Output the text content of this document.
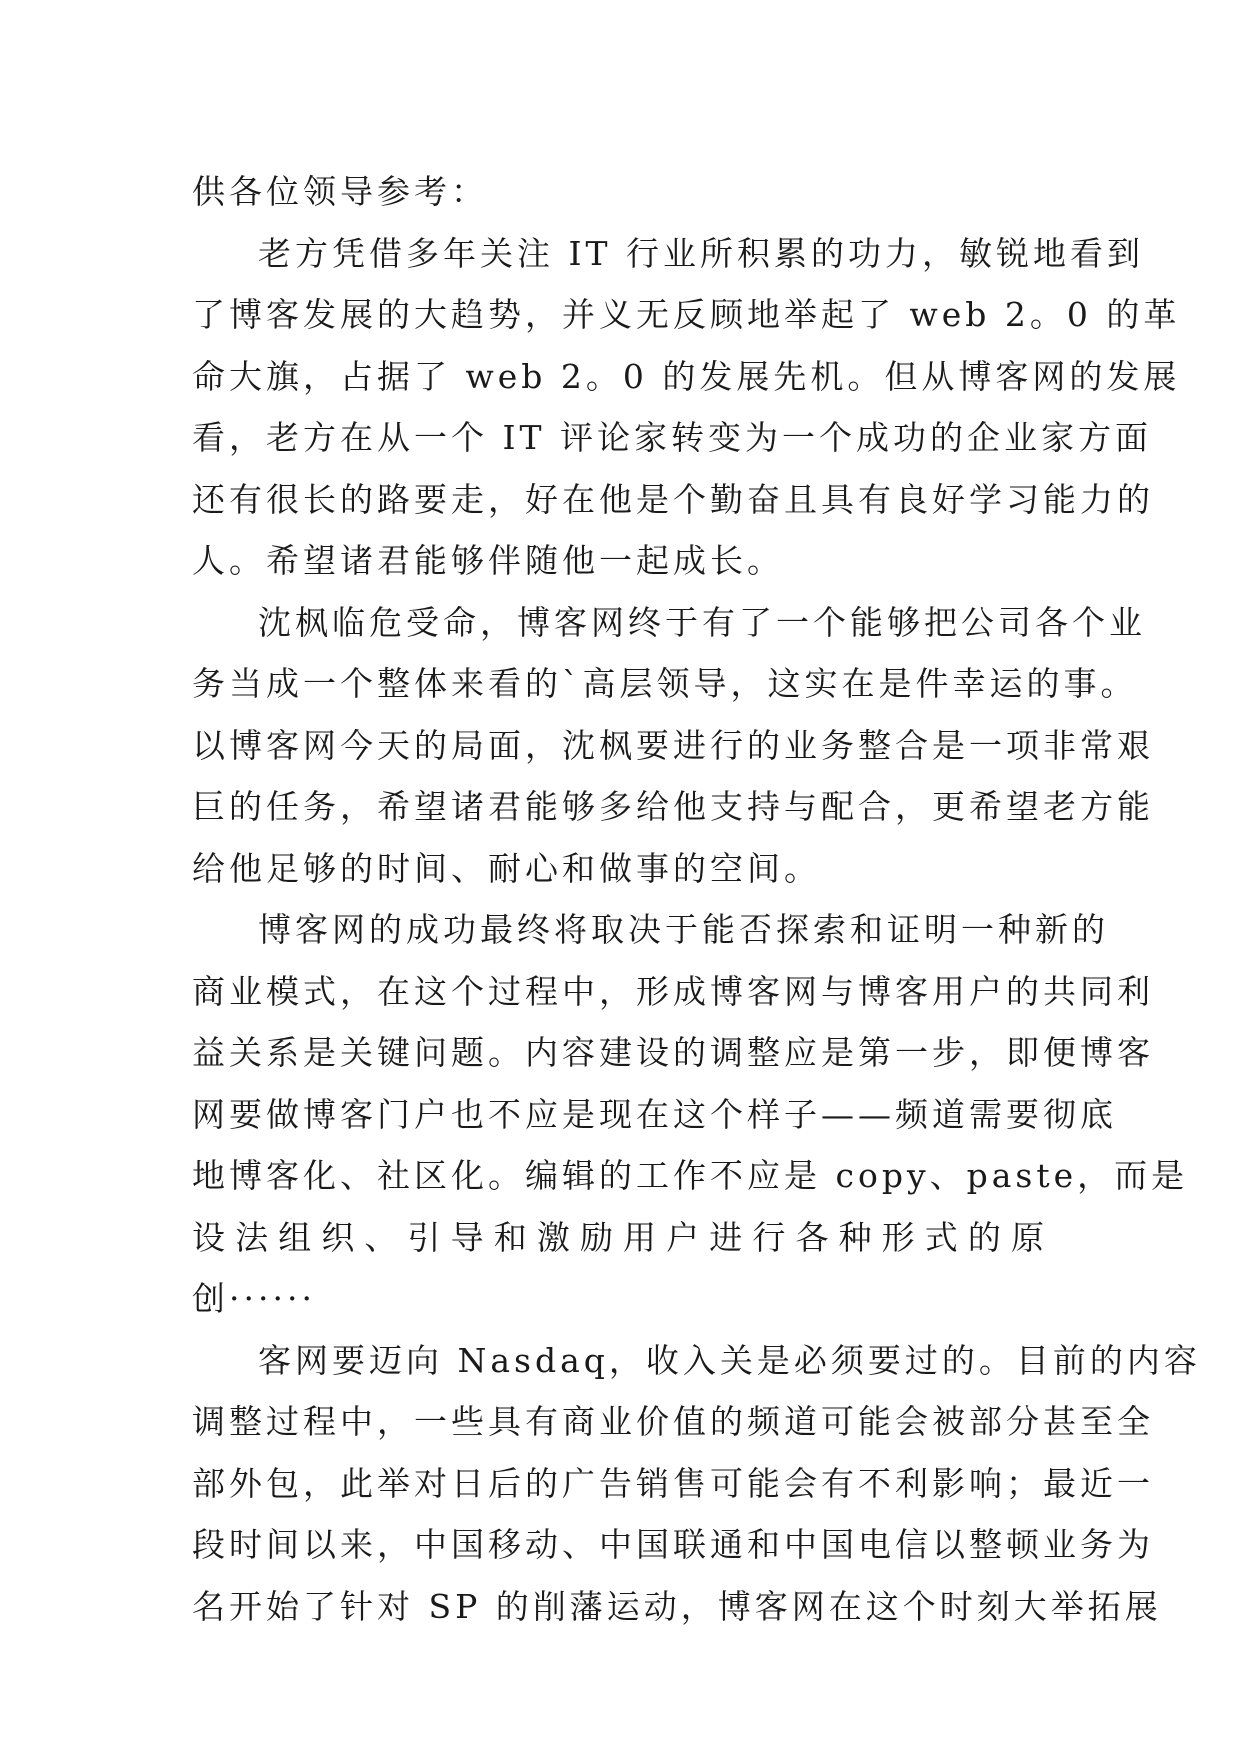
供各位领导参考：
老方凭借多年关注 IT 行业所积累的功力，敏锐地看到
了博客发展的大趋势，并义无反顾地举起了 web 2。0 的革
命大旗，占据了 web 2。0 的发展先机。但从博客网的发展
看，老方在从一个 IT 评论家转变为一个成功的企业家方面
还有很长的路要走，好在他是个勤奋且具有良好学习能力的
人。希望诸君能够伴随他一起成长。
沈枫临危受命，博客网终于有了一个能够把公司各个业
务当成一个整体来看的`高层领导，这实在是件幸运的事。
以博客网今天的局面，沈枫要进行的业务整合是一项非常艰
巨的任务，希望诸君能够多给他支持与配合，更希望老方能
给他足够的时间、耐心和做事的空间。
博客网的成功最终将取决于能否探索和证明一种新的
商业模式，在这个过程中，形成博客网与博客用户的共同利
益关系是关键问题。内容建设的调整应是第一步，即便博客
网要做博客门户也不应是现在这个样子——频道需要彻底
地博客化、社区化。编辑的工作不应是 copy、paste，而是
设法组织、引导和激励用户进行各种形式的原
创······
客网要迈向 Nasdaq，收入关是必须要过的。目前的内容
调整过程中，一些具有商业价值的频道可能会被部分甚至全
部外包，此举对日后的广告销售可能会有不利影响；最近一
段时间以来，中国移动、中国联通和中国电信以整顿业务为
名开始了针对 SP 的削藩运动，博客网在这个时刻大举拓展
